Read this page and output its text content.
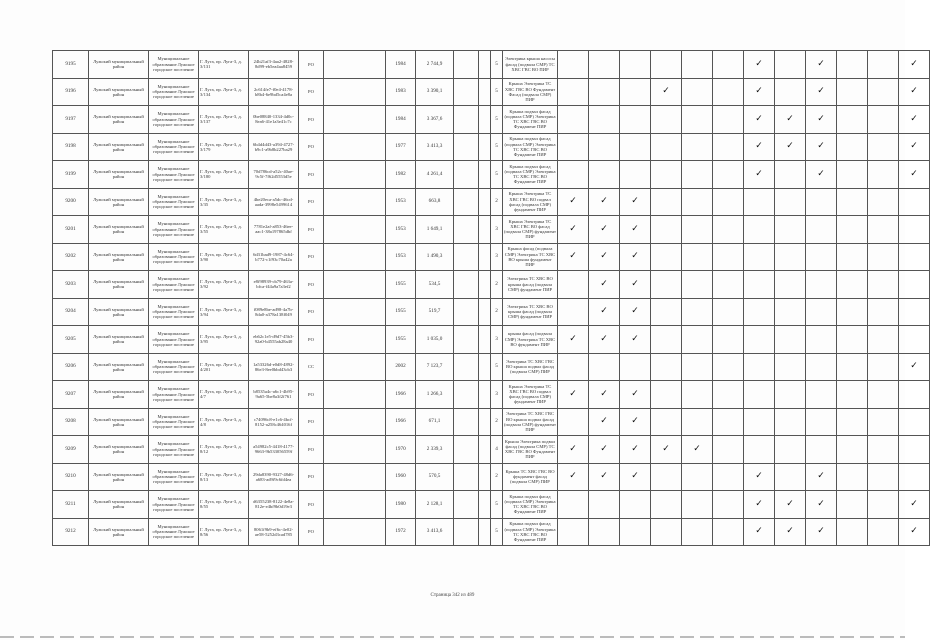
9195	Лужский муниципальный район	Муниципальное образование Лужское городское поселение	Г. Луга, пр. Луга-3, д. 3/131	24b21af3-4aa2-4828-8d99-eb5ea4aa8459	РО		1984	2 744,9			5	Электрика крыша насосы фасад (подвала СМР) ТС ХВС ГВС ВО ПИР							✓		✓			✓
9196	Лужский муниципальный район	Муниципальное образование Лужское городское поселение	Г. Луга, пр. Луга-3, д. 3/134	2c614fe7-f0e4-4178-b8b4-6e9bd5ca4e8a	РО		1983	3 390,1			5	Крыша Электрика ТС ХВС ГВС ВО Фундамент Фасад (подвала СМР) ПИР				✓			✓		✓			✓
9197	Лужский муниципальный район	Муниципальное образование Лужское городское поселение	Г. Луга, пр. Луга-3, д. 3/137	0be08840-1334-4d0c-8ea6-41e1a3e41c7c	РО		1984	3 367,6			5	Крыша подвал фасад (подвала СМР) Электрика ТС ХВС ГВС ВО Фундамент ПИР							✓	✓	✓			✓
9198	Лужский муниципальный район	Муниципальное образование Лужское городское поселение	Г. Луга, пр. Луга-3, д. 3/179	6b4d4d43-a394-4727-b9c1-a9b8b227ba29	РО		1977	3 413,3			5	Крыша подвал фасад (подвала СМР) Электрика ТС ХВС ГВС ВО Фундамент ПИР							✓	✓	✓			✓
9199	Лужский муниципальный район	Муниципальное образование Лужское городское поселение	Г. Луга, пр. Луга-3, д. 3/180	70d786cd-a52c-40ae-9c5f-7f62d5553d5e	РО		1982	4 261,4			5	Крыша подвал фасад (подвала СМР) Электрика ТС ХВС ГВС ВО Фундамент ПИР							✓		✓			✓
9200	Лужский муниципальный район	Муниципальное образование Лужское городское поселение	Г. Луга, пр. Луга-3, д. 3/35	4be20eca-a5dc-46cd-aada-3998e5499614	РО		1953	663,8			2	Крыша Электрика ТС ХВС ГВС ВО подвал фасад (подвала СМР) фундамент ПИР	✓	✓	✓									
9201	Лужский муниципальный район	Муниципальное образование Лужское городское поселение	Г. Луга, пр. Луга-3, д. 3/55	7781e2af-a853-46ee-aac1-38a197865dbf	РО		1953	1 649,1			3	Крыша Электрика ТС ХВС ГВС ВО фасад (подвала СМР) фундамент ПИР	✓	✓	✓									
9202	Лужский муниципальный район	Муниципальное образование Лужское городское поселение	Г. Луга, пр. Луга-3, д. 3/90	6d31bad9-1987-4c64-b772-c1f93c70a42a	РО		1953	1 490,3			3	Крыша фасад (подвала СМР) Электрика ТС ХВС ВО крыша фундамент ПИР	✓	✓	✓									
9203	Лужский муниципальный район	Муниципальное образование Лужское городское поселение	Г. Луга, пр. Луга-3, д. 3/92	e8f98939-cb79-463a-bfca-f44a9a7a3ef2	РО		1955	534,5			2	Электрика ТС ХВС ВО крыша фасад (подвала СМР) фундамент ПИР		✓	✓									
9204	Лужский муниципальный район	Муниципальное образование Лужское городское поселение	Г. Луга, пр. Луга-3, д. 3/94	f089e8be-ad98-4a7b-8da0-a378a138f049	РО		1955	519,7			2	Электрика ТС ХВС ВО крыша фасад (подвала СМР) фундамент ПИР		✓	✓									
9205	Лужский муниципальный район	Муниципальное образование Лужское городское поселение	Г. Луга, пр. Луга-3, д. 3/95	eb62c1e5-d9d7-45b3-92a0-b4555ab28a40	РО		1955	1 035,0			3	крыша фасад (подвала СМР) Электрика ТС ХВС ВО фундамент ПИР	✓	✓	✓									
9206	Лужский муниципальный район	Муниципальное образование Лужское городское поселение	Г. Луга, пр. Луга-3, д. 4/201	1a53326d-e0d8-4892-86e3-8ee0bbd43cb3	СС		2002	7 123,7			5	Электрика ТС ХВС ГВС ВО крыша подвал фасад (подвала СМР) ПИР												✓
9207	Лужский муниципальный район	Муниципальное образование Лужское городское поселение	Г. Луга, пр. Луга-3, д. 4/7	b8535a4c-a6c1-4b95-9a65-5be8a3f2f761	РО		1966	1 266,3			3	Крыша Электрика ТС ХВС ГВС ВО подвал фасад (подвала СМР) фундамент ПИР	✓	✓	✓									
9208	Лужский муниципальный район	Муниципальное образование Лужское городское поселение	Г. Луга, пр. Луга-3, д. 4/8	c74096c8-e1c6-4bcf-8152-a258c464016f	РО		1966	671,1			2	Электрика ТС ХВС ГВС ВО крыша подвал фасад (подвала СМР) фундамент ПИР		✓	✓									
9209	Лужский муниципальный район	Муниципальное образование Лужское городское поселение	Г. Луга, пр. Луга-3, д. 8/12	a54982c5-4418-4177-9663-9b533056559f	РО		1970	2 339,3			4	Крыша Электрика подвал фасад (подвала СМР) ТС ХВС ГВС ВО Фундамент ПИР	✓	✓	✓	✓	✓							
9210	Лужский муниципальный район	Муниципальное образование Лужское городское поселение	Г. Луга, пр. Луга-3, д. 8/13	29da8390-9327-48d6-a683-ad9f9c6fd4ea	РО		1960	570,5			2	Крыша ТС ХВС ГВС ВО фундамент фасад (подвала СМР) ПИР	✓	✓	✓				✓		✓			
9211	Лужский муниципальный район	Муниципальное образование Лужское городское поселение	Г. Луга, пр. Луга-3, д. 8/55	d6355238-8122-4e8a-812e-e4bf9b0d19e3	РО		1980	2 128,1			5	Крыша подвал фасад (подвала СМР) Электрика ТС ХВС ГВС ВО Фундамент ПИР							✓	✓	✓			✓
9212	Лужский муниципальный район	Муниципальное образование Лужское городское поселение	Г. Луга, пр. Луга-3, д. 8/56	8061f9b9-ef6c-4e02-ae58-5252d3cad785	РО		1972	3 413,6			5	Крыша подвал фасад (подвала СМР) Электрика ТС ХВС ГВС ВО Фундамент ПИР							✓	✓	✓			✓
Страница 342 из 489
